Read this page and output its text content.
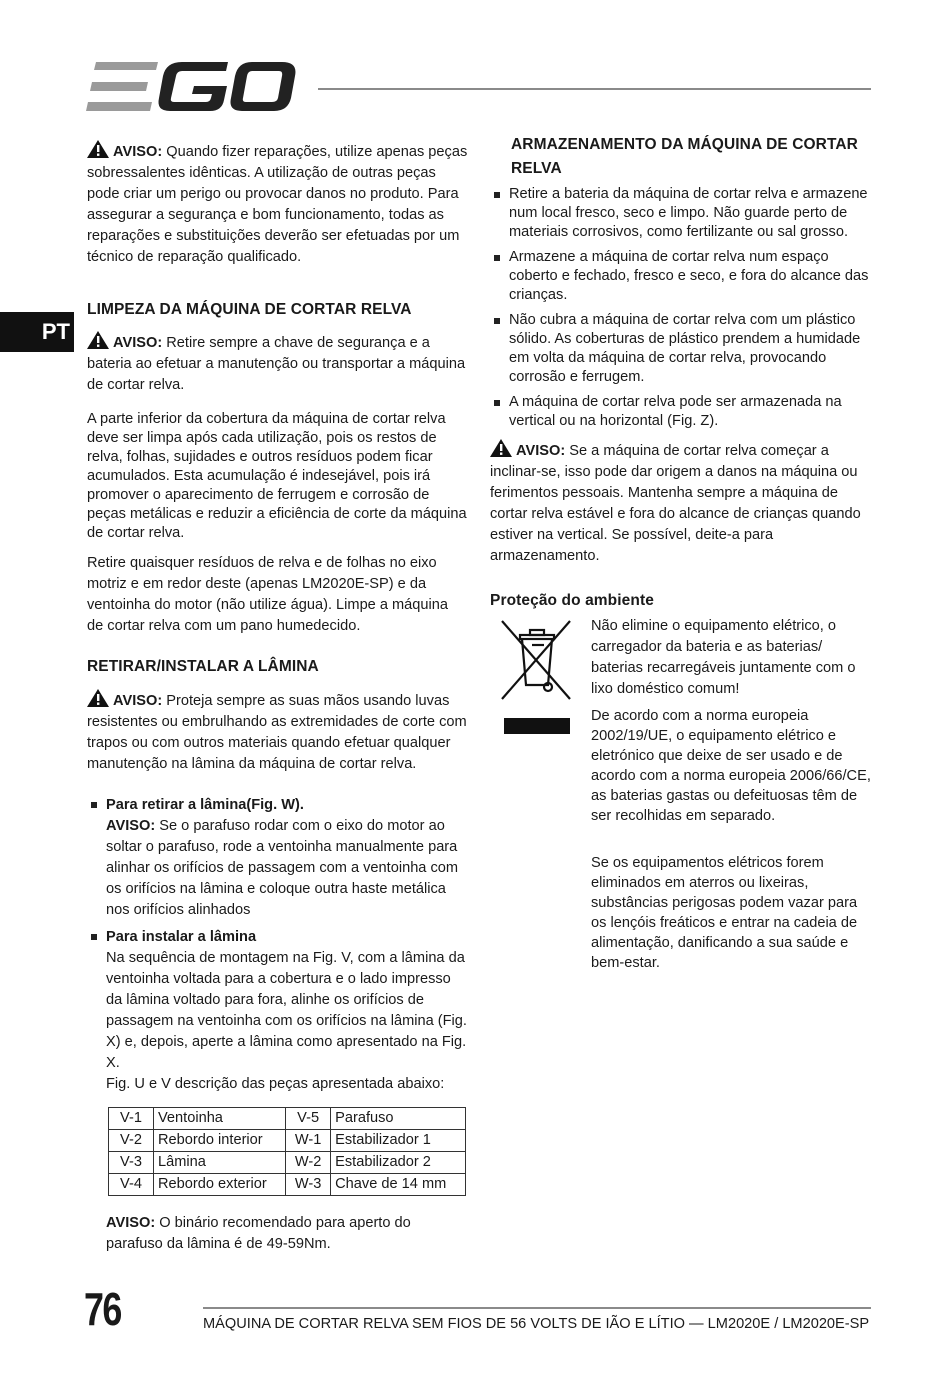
PT

AVISO: Quando fizer reparações, utilize apenas peças sobressalentes idênticas. A utilização de outras peças pode criar um perigo ou provocar danos no produto. Para assegurar a segurança e bom funcionamento, todas as reparações e substituições deverão ser efetuadas por um técnico de reparação qualificado.

LIMPEZA DA MÁQUINA DE CORTAR RELVA

AVISO: Retire sempre a chave de segurança e a bateria ao efetuar a manutenção ou transportar a máquina de cortar relva.

A parte inferior da cobertura da máquina de cortar relva deve ser limpa após cada utilização, pois os restos de relva, folhas, sujidades e outros resíduos podem ficar acumulados. Esta acumulação é indesejável, pois irá promover o aparecimento de ferrugem e corrosão de peças metálicas e reduzir a eficiência de corte da máquina de cortar relva.

Retire quaisquer resíduos de relva e de folhas no eixo motriz e em redor deste (apenas LM2020E-SP) e da ventoinha do motor (não utilize água). Limpe a máquina de cortar relva com um pano humedecido.

RETIRAR/INSTALAR A LÂMINA

AVISO: Proteja sempre as suas mãos usando luvas resistentes ou embrulhando as extremidades de corte com trapos ou com outros materiais quando efetuar qualquer manutenção na lâmina da máquina de cortar relva.

Para retirar a lâmina(Fig. W).
AVISO: Se o parafuso rodar com o eixo do motor ao soltar o parafuso, rode a ventoinha manualmente para alinhar os orifícios de passagem com a ventoinha com os orifícios na lâmina e coloque outra haste metálica nos orifícios alinhados
Para instalar a lâmina
Na sequência de montagem na Fig. V, com a lâmina da ventoinha voltada para a cobertura e o lado impresso da lâmina voltado para fora, alinhe os orifícios de passagem na ventoinha com os orifícios na lâmina (Fig. X) e, depois, aperte a lâmina como apresentado na Fig. X.
Fig. U e V descrição das peças apresentada abaixo:
V-1	Ventoinha	V-5	Parafuso
V-2	Rebordo interior	W-1	Estabilizador 1
V-3	Lâmina	W-2	Estabilizador 2
V-4	Rebordo exterior	W-3	Chave de 14 mm
AVISO: O binário recomendado para aperto do parafuso da lâmina é de 49-59Nm.
ARMAZENAMENTO DA MÁQUINA DE CORTAR RELVA
Retire a bateria da máquina de cortar relva e armazene num local fresco, seco e limpo. Não guarde perto de materiais corrosivos, como fertilizante ou sal grosso.
Armazene a máquina de cortar relva num espaço coberto e fechado, fresco e seco, e fora do alcance das crianças.
Não cubra a máquina de cortar relva com um plástico sólido. As coberturas de plástico prendem a humidade em volta da máquina de cortar relva, provocando corrosão e ferrugem.
A máquina de cortar relva pode ser armazenada na vertical ou na horizontal (Fig. Z).

AVISO: Se a máquina de cortar relva começar a inclinar-se, isso pode dar origem a danos na máquina ou ferimentos pessoais. Mantenha sempre a máquina de cortar relva estável e fora do alcance de crianças quando estiver na vertical. Se possível, deite-a para armazenamento.

Proteção do ambiente

Não elimine o equipamento elétrico, o carregador da bateria e as baterias/ baterias recarregáveis juntamente com o lixo doméstico comum!

De acordo com a norma europeia 2002/19/UE, o equipamento elétrico e eletrónico que deixe de ser usado e de acordo com a norma europeia 2006/66/CE, as baterias gastas ou defeituosas têm de ser recolhidas em separado.

Se os equipamentos elétricos forem eliminados em aterros ou lixeiras, substâncias perigosas podem vazar para os lençóis freáticos e entrar na cadeia de alimentação, danificando a sua saúde e bem-estar.

76	MÁQUINA DE CORTAR RELVA SEM FIOS DE 56 VOLTS DE IÃO E LÍTIO — LM2020E / LM2020E-SP
